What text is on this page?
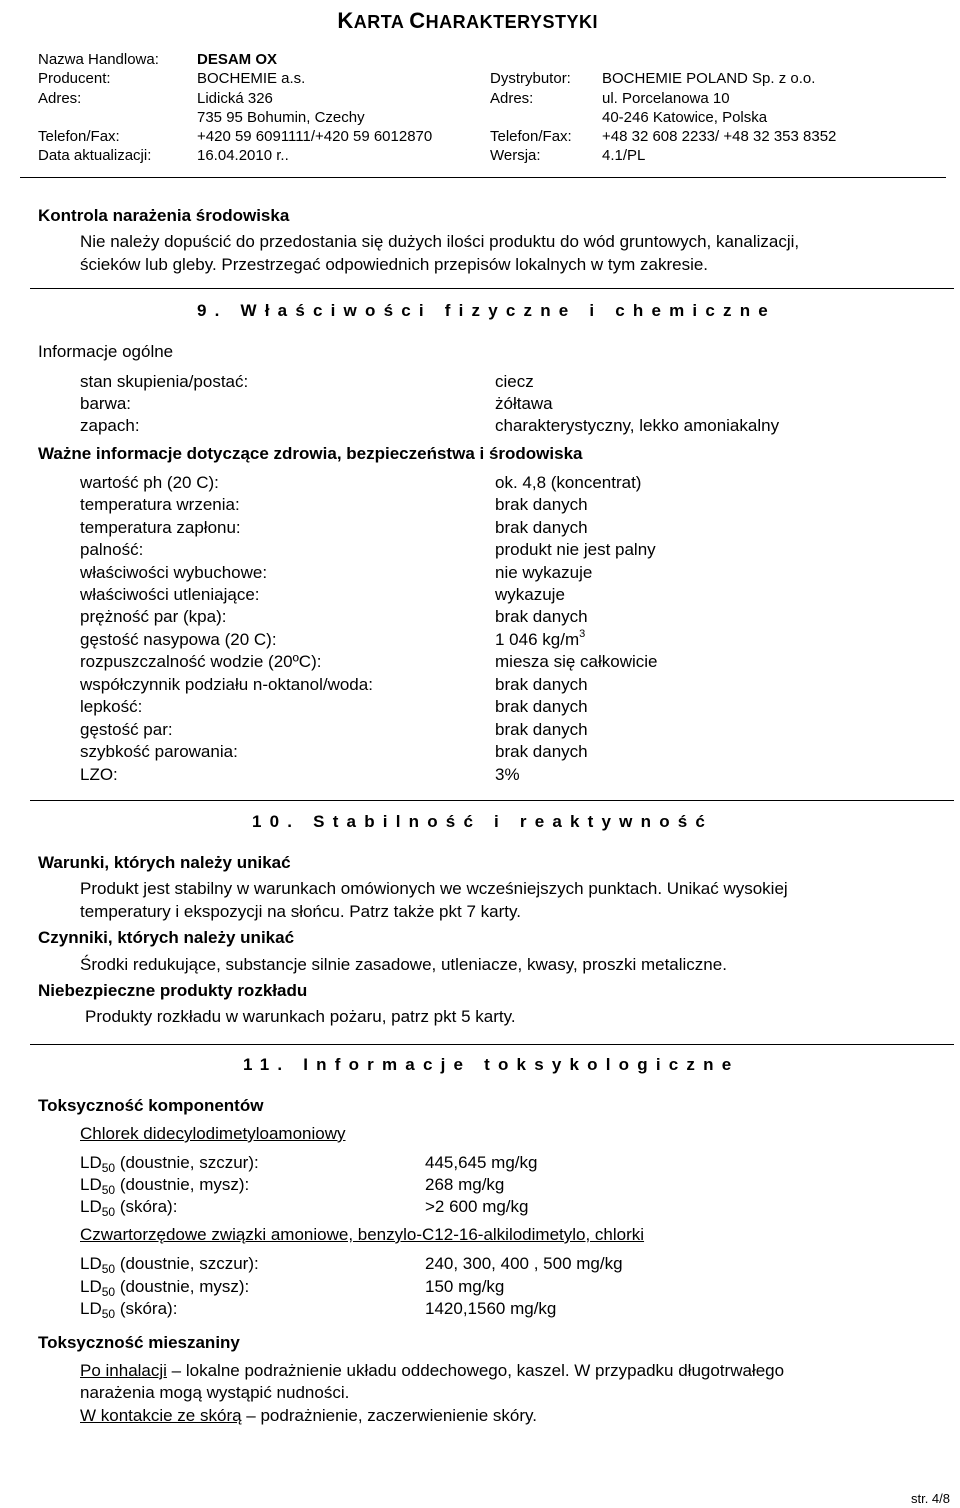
KARTA CHARAKTERYSTYKI
Nazwa Handlowa:	DESAM OX
Producent:	BOCHEMIE a.s.	Dystrybutor: BOCHEMIE POLAND Sp. z o.o.
Adres:	Lidická 326	Adres:	ul. Porcelanowa 10
735 95 Bohumin, Czechy	40-246 Katowice, Polska
Telefon/Fax:	+420 59 6091111/+420 59 6012870	Telefon/Fax: +48 32 608 2233/ +48 32 353 8352
Data aktualizacji:	16.04.2010 r..	Wersja:	4.1/PL
Kontrola narażenia środowiska
Nie należy dopuścić do przedostania się dużych ilości produktu do wód gruntowych, kanalizacji,
ścieków lub gleby. Przestrzegać odpowiednich przepisów lokalnych w tym zakresie.
9. Właściwości fizyczne i chemiczne
Informacje ogólne
stan skupienia/postać:	ciecz
barwa:	żółtawa
zapach:	charakterystyczny, lekko amoniakalny
Ważne informacje dotyczące zdrowia, bezpieczeństwa i środowiska
wartość ph (20 C):	ok. 4,8 (koncentrat)
temperatura wrzenia:	brak danych
temperatura zapłonu:	brak danych
palność:	produkt nie jest palny
właściwości wybuchowe:	nie wykazuje
właściwości utleniające:	wykazuje
prężność par (kpa):	brak danych
gęstość nasypowa (20 C):	1 046 $kg/m^3$
rozpuszczalność wodzie (20ºC):	miesza się całkowicie
współczynnik podziału n-oktanol/woda:	brak danych
lepkość:	brak danych
gęstość par:	brak danych
szybkość parowania:	brak danych
LZO:	3%
10. Stabilność i reaktywność
Warunki, których należy unikać
Produkt jest stabilny w warunkach omówionych we wcześniejszych punktach. Unikać wysokiej
temperatury i ekspozycji na słońcu. Patrz także pkt 7 karty.
Czynniki, których należy unikać
Środki redukujące, substancje silnie zasadowe, utleniacze, kwasy, proszki metaliczne.
Niebezpieczne produkty rozkładu
Produkty rozkładu w warunkach pożaru, patrz pkt 5 karty.
11. Informacje toksykologiczne
Toksyczność komponentów
Chlorek didecylodimetyloamoniowy
$LD_{50}$ (doustnie, szczur):	445,645 mg/kg
$LD_{50}$ (doustnie, mysz):	268 mg/kg
$LD_{50}$ (skóra):	>2 600 mg/kg
Czwartorzędowe związki amoniowe, benzylo-C12-16-alkilodimetylo, chlorki
$LD_{50}$ (doustnie, szczur):	240, 300, 400 , 500 mg/kg
$LD_{50}$ (doustnie, mysz):	150 mg/kg
$LD_{50}$ (skóra):	1420,1560 mg/kg
Toksyczność mieszaniny
Po inhalacji – lokalne podrażnienie układu oddechowego, kaszel. W przypadku długotrwałego
narażenia mogą wystąpić nudności.
W kontakcie ze skórą – podrażnienie, zaczerwienienie skóry.
str. 4/8
